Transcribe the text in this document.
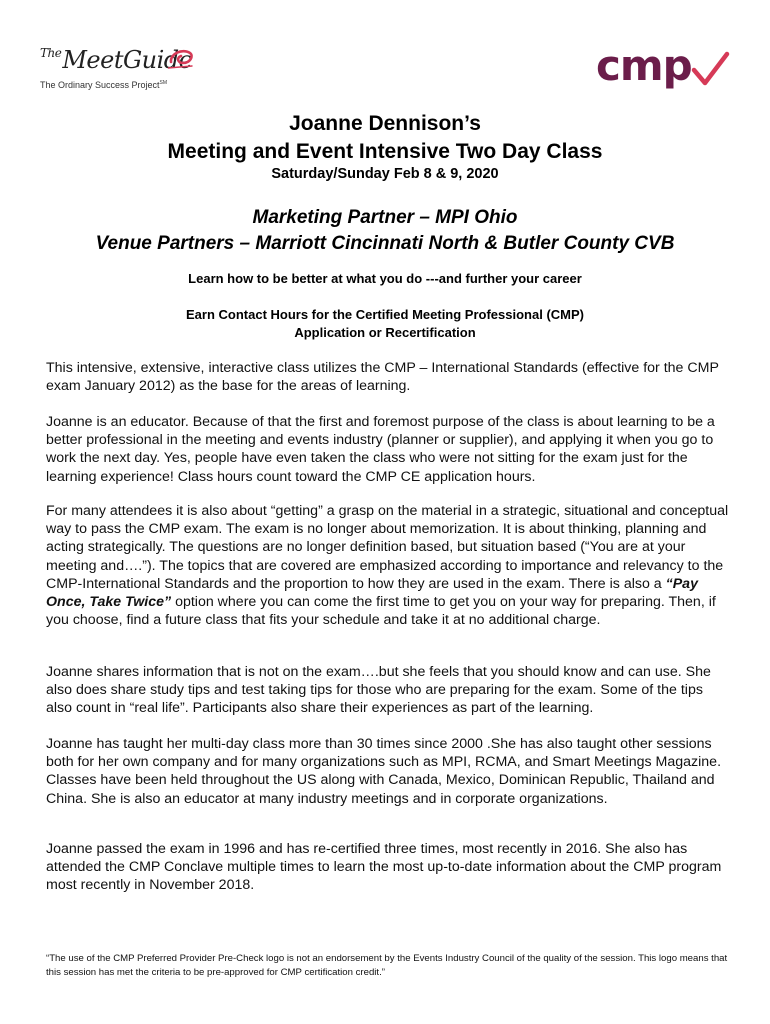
$^{The}$MeetGuide
The Ordinary Success Project℠	cmp
Joanne Dennison’s
Meeting and Event Intensive Two Day Class
Saturday/Sunday Feb 8 & 9, 2020
Marketing Partner – MPI Ohio
Venue Partners – Marriott Cincinnati North & Butler County CVB
Learn how to be better at what you do ---and further your career
Earn Contact Hours for the Certified Meeting Professional (CMP)
Application or Recertification

This intensive, extensive, interactive class utilizes the CMP – International Standards (effective for the CMP exam January 2012) as the base for the areas of learning.

Joanne is an educator. Because of that the first and foremost purpose of the class is about learning to be a better professional in the meeting and events industry (planner or supplier), and applying it when you go to work the next day. Yes, people have even taken the class who were not sitting for the exam just for the learning experience! Class hours count toward the CMP CE application hours.

For many attendees it is also about “getting” a grasp on the material in a strategic, situational and conceptual way to pass the CMP exam. The exam is no longer about memorization. It is about thinking, planning and acting strategically. The questions are no longer definition based, but situation based (“You are at your meeting and….”). The topics that are covered are emphasized according to importance and relevancy to the CMP-International Standards and the proportion to how they are used in the exam. There is also a “Pay Once, Take Twice” option where you can come the first time to get you on your way for preparing. Then, if you choose, find a future class that fits your schedule and take it at no additional charge.

Joanne shares information that is not on the exam….but she feels that you should know and can use. She also does share study tips and test taking tips for those who are preparing for the exam. Some of the tips also count in “real life”. Participants also share their experiences as part of the learning.

Joanne has taught her multi-day class more than 30 times since 2000 .She has also taught other sessions both for her own company and for many organizations such as MPI, RCMA, and Smart Meetings Magazine. Classes have been held throughout the US along with Canada, Mexico, Dominican Republic, Thailand and China. She is also an educator at many industry meetings and in corporate organizations.

Joanne passed the exam in 1996 and has re-certified three times, most recently in 2016. She also has attended the CMP Conclave multiple times to learn the most up-to-date information about the CMP program most recently in November 2018.

“The use of the CMP Preferred Provider Pre-Check logo is not an endorsement by the Events Industry Council of the quality of the session. This logo means that this session has met the criteria to be pre-approved for CMP certification credit.”
